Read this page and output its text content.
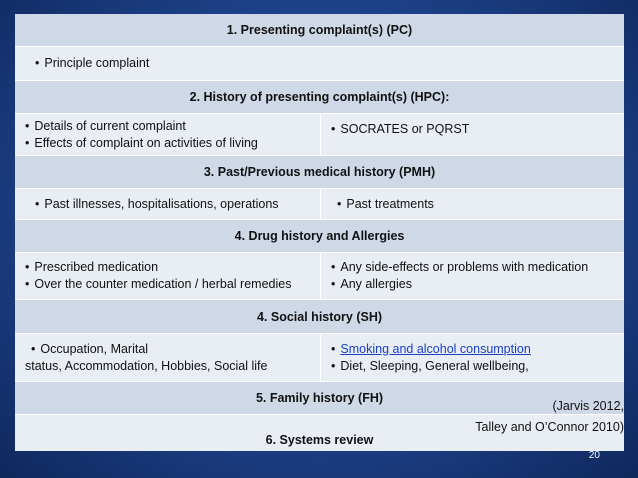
1. Presenting complaint(s) (PC)
• Principle complaint
2. History of presenting complaint(s) (HPC):
• Details of current complaint
• Effects of complaint on activities of living
• SOCRATES or PQRST
3. Past/Previous medical history (PMH)
• Past illnesses, hospitalisations, operations
•	Past treatments
4. Drug history and Allergies
• Prescribed medication
• Over the counter medication / herbal remedies
• Any side-effects or problems with medication
• Any allergies
4. Social history (SH)
• Occupation, Marital
status, Accommodation, Hobbies, Social life
• Smoking and alcohol consumption
• Diet, Sleeping, General wellbeing,
5. Family history (FH)
6. Systems review
(Jarvis 2012,
Talley and O’Connor 2010)
20
